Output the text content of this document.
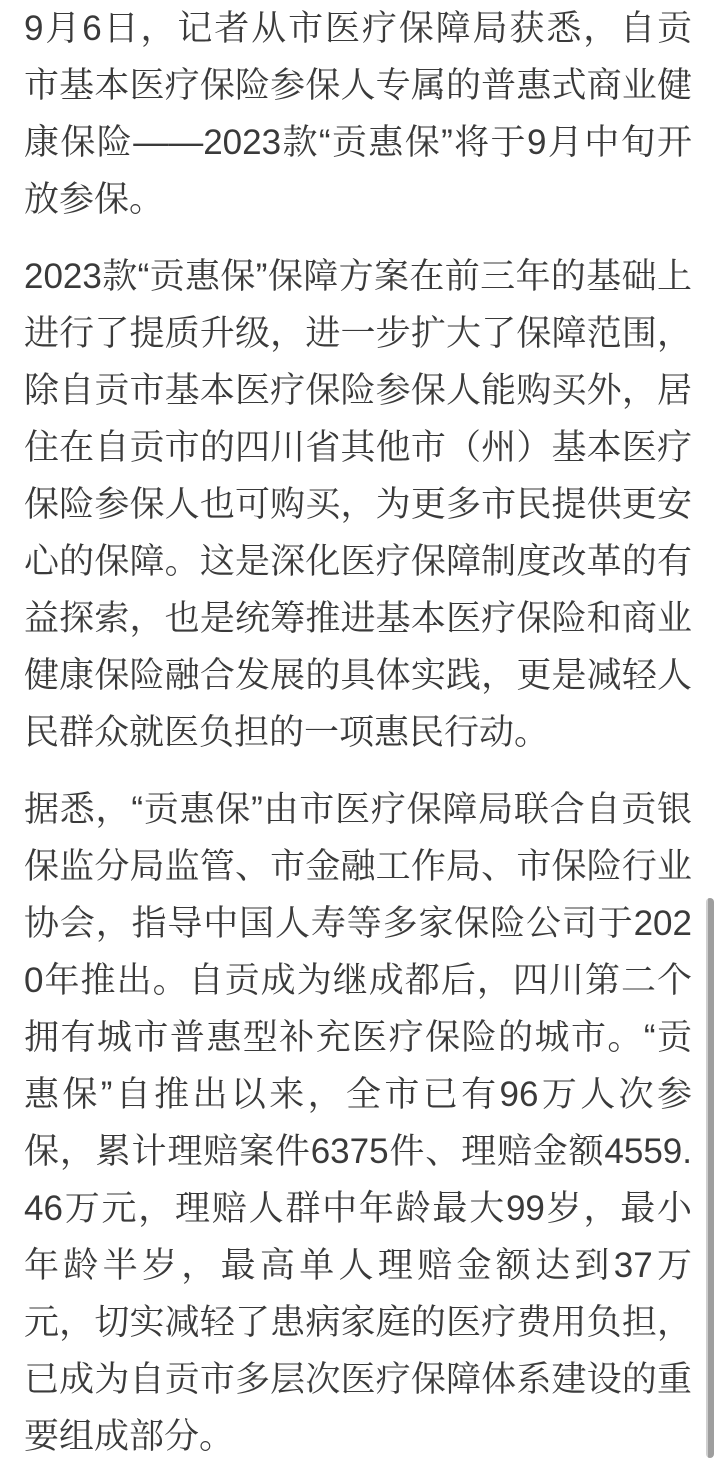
9月6日，记者从市医疗保障局获悉，自贡市基本医疗保险参保人专属的普惠式商业健康保险——2023款“贡惠保”将于9月中旬开放参保。

2023款“贡惠保”保障方案在前三年的基础上进行了提质升级，进一步扩大了保障范围，除自贡市基本医疗保险参保人能购买外，居住在自贡市的四川省其他市（州）基本医疗保险参保人也可购买，为更多市民提供更安心的保障。这是深化医疗保障制度改革的有益探索，也是统筹推进基本医疗保险和商业健康保险融合发展的具体实践，更是减轻人民群众就医负担的一项惠民行动。

据悉，“贡惠保”由市医疗保障局联合自贡银保监分局监管、市金融工作局、市保险行业协会，指导中国人寿等多家保险公司于2020年推出。自贡成为继成都后，四川第二个拥有城市普惠型补充医疗保险的城市。“贡惠保”自推出以来，全市已有96万人次参保，累计理赔案件6375件、理赔金额4559.46万元，理赔人群中年龄最大99岁，最小年龄半岁，最高单人理赔金额达到37万元，切实减轻了患病家庭的医疗费用负担，已成为自贡市多层次医疗保障体系建设的重要组成部分。
